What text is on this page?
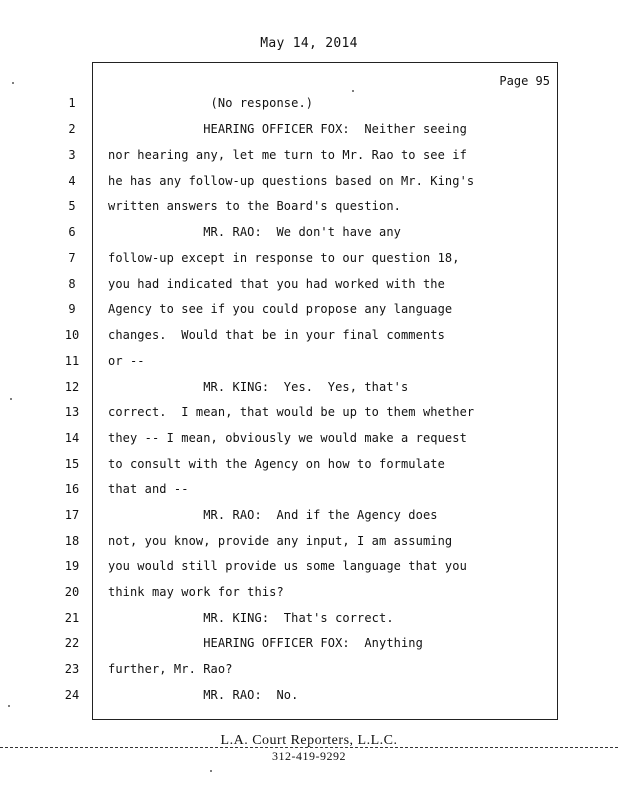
May 14, 2014
Page 95
1	(No response.)
2	HEARING OFFICER FOX:  Neither seeing
3	nor hearing any, let me turn to Mr. Rao to see if
4	he has any follow-up questions based on Mr. King's
5	written answers to the Board's question.
6	MR. RAO:  We don't have any
7	follow-up except in response to our question 18,
8	you had indicated that you had worked with the
9	Agency to see if you could propose any language
10	changes.  Would that be in your final comments
11	or --
12	MR. KING:  Yes.  Yes, that's
13	correct.  I mean, that would be up to them whether
14	they -- I mean, obviously we would make a request
15	to consult with the Agency on how to formulate
16	that and --
17	MR. RAO:  And if the Agency does
18	not, you know, provide any input, I am assuming
19	you would still provide us some language that you
20	think may work for this?
21	MR. KING:  That's correct.
22	HEARING OFFICER FOX:  Anything
23	further, Mr. Rao?
24	MR. RAO:  No.
L.A. Court Reporters, L.L.C.
312-419-9292
